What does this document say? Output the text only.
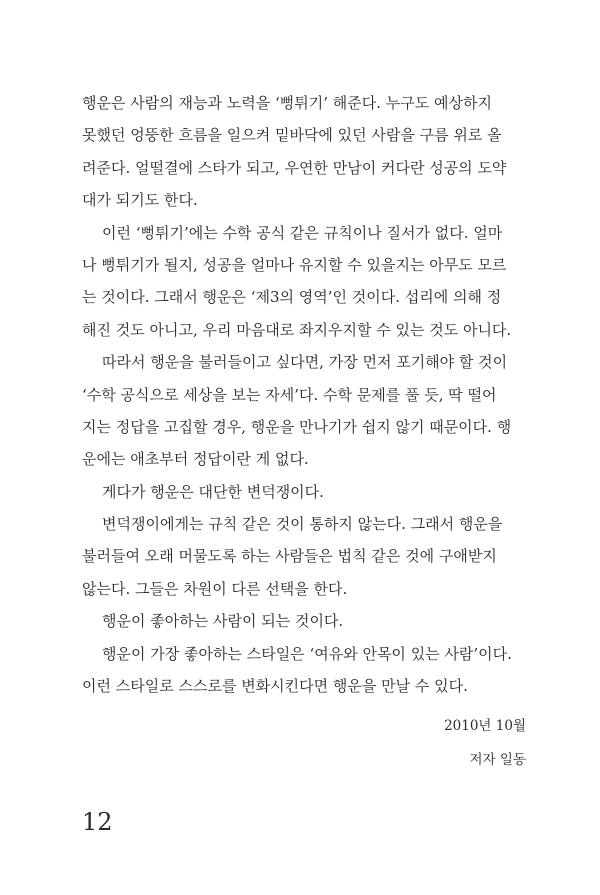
행운은 사람의 재능과 노력을 ‘뻥튀기’ 해준다. 누구도 예상하지
못했던 엉뚱한 흐름을 일으켜 밑바닥에 있던 사람을 구름 위로 올
려준다. 얼떨결에 스타가 되고, 우연한 만남이 커다란 성공의 도약
대가 되기도 한다.
이런 ‘뻥튀기’에는 수학 공식 같은 규칙이나 질서가 없다. 얼마
나 뻥튀기가 될지, 성공을 얼마나 유지할 수 있을지는 아무도 모르
는 것이다. 그래서 행운은 ‘제3의 영역’인 것이다. 섭리에 의해 정
해진 것도 아니고, 우리 마음대로 좌지우지할 수 있는 것도 아니다.
따라서 행운을 불러들이고 싶다면, 가장 먼저 포기해야 할 것이
‘수학 공식으로 세상을 보는 자세’다. 수학 문제를 풀 듯, 딱 떨어
지는 정답을 고집할 경우, 행운을 만나기가 쉽지 않기 때문이다. 행
운에는 애초부터 정답이란 게 없다.
게다가 행운은 대단한 변덕쟁이다.
변덕쟁이에게는 규칙 같은 것이 통하지 않는다. 그래서 행운을
불러들여 오래 머물도록 하는 사람들은 법칙 같은 것에 구애받지
않는다. 그들은 차원이 다른 선택을 한다.
행운이 좋아하는 사람이 되는 것이다.
행운이 가장 좋아하는 스타일은 ‘여유와 안목이 있는 사람’이다.
이런 스타일로 스스로를 변화시킨다면 행운을 만날 수 있다.
2010년 10월
저자 일동
12
